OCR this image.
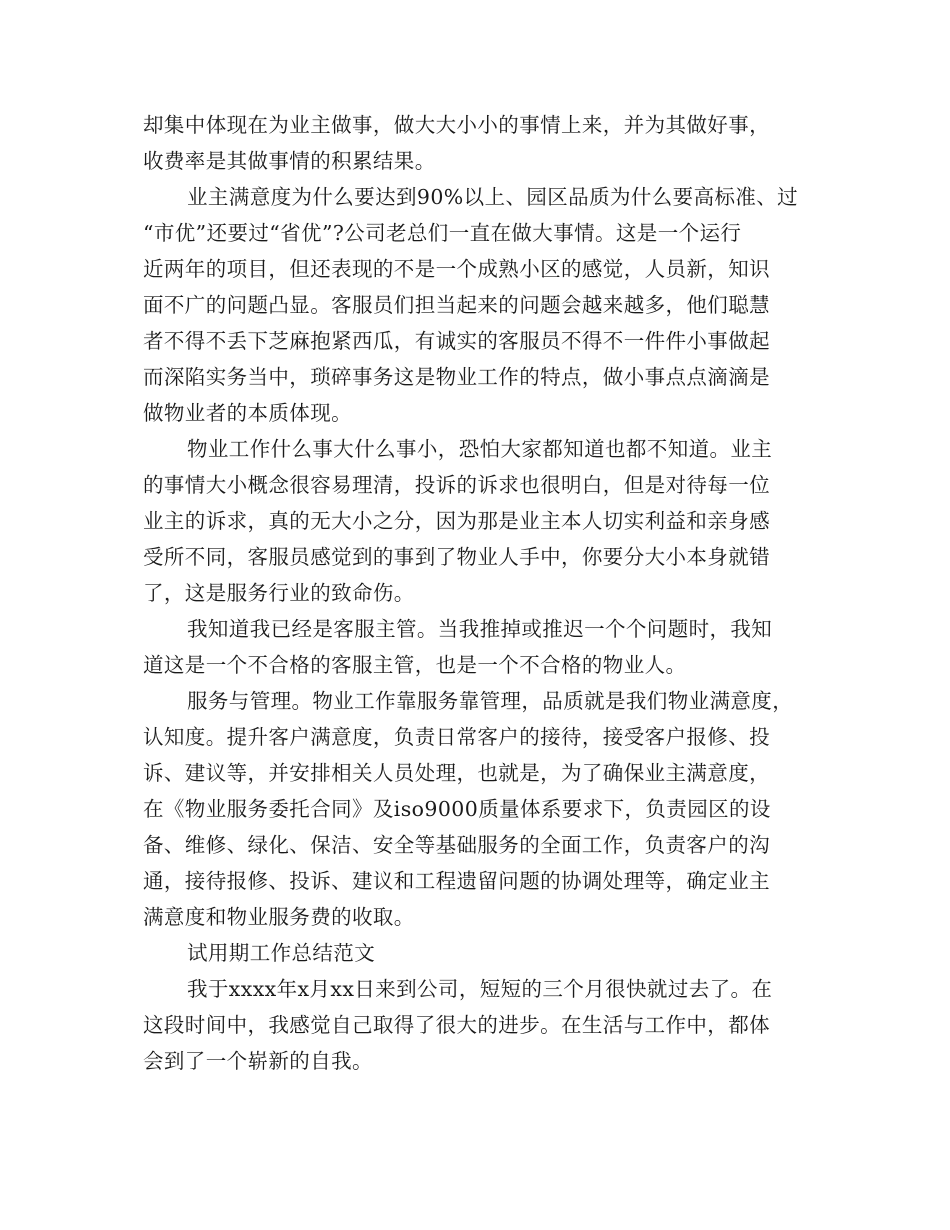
却集中体现在为业主做事，做大大小小的事情上来，并为其做好事，
收费率是其做事情的积累结果。
业主满意度为什么要达到90%以上、园区品质为什么要高标准、过
“市优”还要过“省优”?公司老总们一直在做大事情。这是一个运行
近两年的项目，但还表现的不是一个成熟小区的感觉，人员新，知识
面不广的问题凸显。客服员们担当起来的问题会越来越多，他们聪慧
者不得不丢下芝麻抱紧西瓜，有诚实的客服员不得不一件件小事做起
而深陷实务当中，琐碎事务这是物业工作的特点，做小事点点滴滴是
做物业者的本质体现。
物业工作什么事大什么事小，恐怕大家都知道也都不知道。业主
的事情大小概念很容易理清，投诉的诉求也很明白，但是对待每一位
业主的诉求，真的无大小之分，因为那是业主本人切实利益和亲身感
受所不同，客服员感觉到的事到了物业人手中，你要分大小本身就错
了，这是服务行业的致命伤。
我知道我已经是客服主管。当我推掉或推迟一个个问题时，我知
道这是一个不合格的客服主管，也是一个不合格的物业人。
服务与管理。物业工作靠服务靠管理，品质就是我们物业满意度，
认知度。提升客户满意度，负责日常客户的接待，接受客户报修、投
诉、建议等，并安排相关人员处理，也就是，为了确保业主满意度，
在《物业服务委托合同》及iso9000质量体系要求下，负责园区的设
备、维修、绿化、保洁、安全等基础服务的全面工作，负责客户的沟
通，接待报修、投诉、建议和工程遗留问题的协调处理等，确定业主
满意度和物业服务费的收取。
试用期工作总结范文
我于xxxx年x月xx日来到公司，短短的三个月很快就过去了。在
这段时间中，我感觉自己取得了很大的进步。在生活与工作中，都体
会到了一个崭新的自我。
